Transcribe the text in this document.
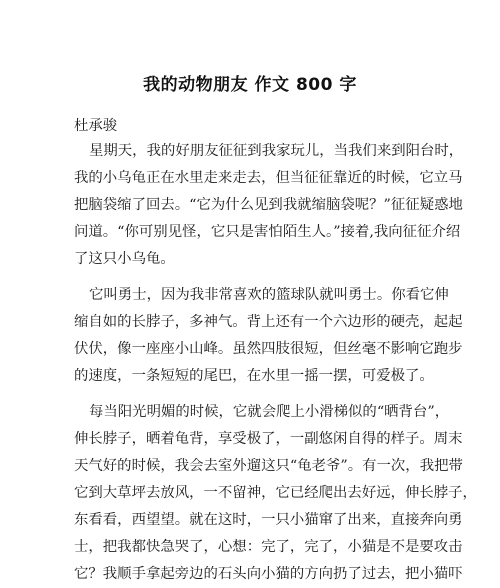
我的动物朋友 作文 800 字
杜承骏
星期天，我的好朋友征征到我家玩儿，当我们来到阳台时，
我的小乌龟正在水里走来走去，但当征征靠近的时候，它立马
把脑袋缩了回去。“它为什么见到我就缩脑袋呢？”征征疑惑地
问道。“你可别见怪，它只是害怕陌生人。”接着,我向征征介绍
了这只小乌龟。
它叫勇士，因为我非常喜欢的篮球队就叫勇士。你看它伸
缩自如的长脖子，多神气。背上还有一个六边形的硬壳，起起
伏伏，像一座座小山峰。虽然四肢很短，但丝毫不影响它跑步
的速度，一条短短的尾巴，在水里一摇一摆，可爱极了。
每当阳光明媚的时候，它就会爬上小滑梯似的“晒背台”，
伸长脖子，晒着龟背，享受极了，一副悠闲自得的样子。周末
天气好的时候，我会去室外遛这只“龟老爷”。有一次，我把带
它到大草坪去放风，一不留神，它已经爬出去好远，伸长脖子，
东看看，西望望。就在这时，一只小猫窜了出来，直接奔向勇
士，把我都快急哭了，心想：完了，完了，小猫是不是要攻击
它？我顺手拿起旁边的石头向小猫的方向扔了过去，把小猫吓
